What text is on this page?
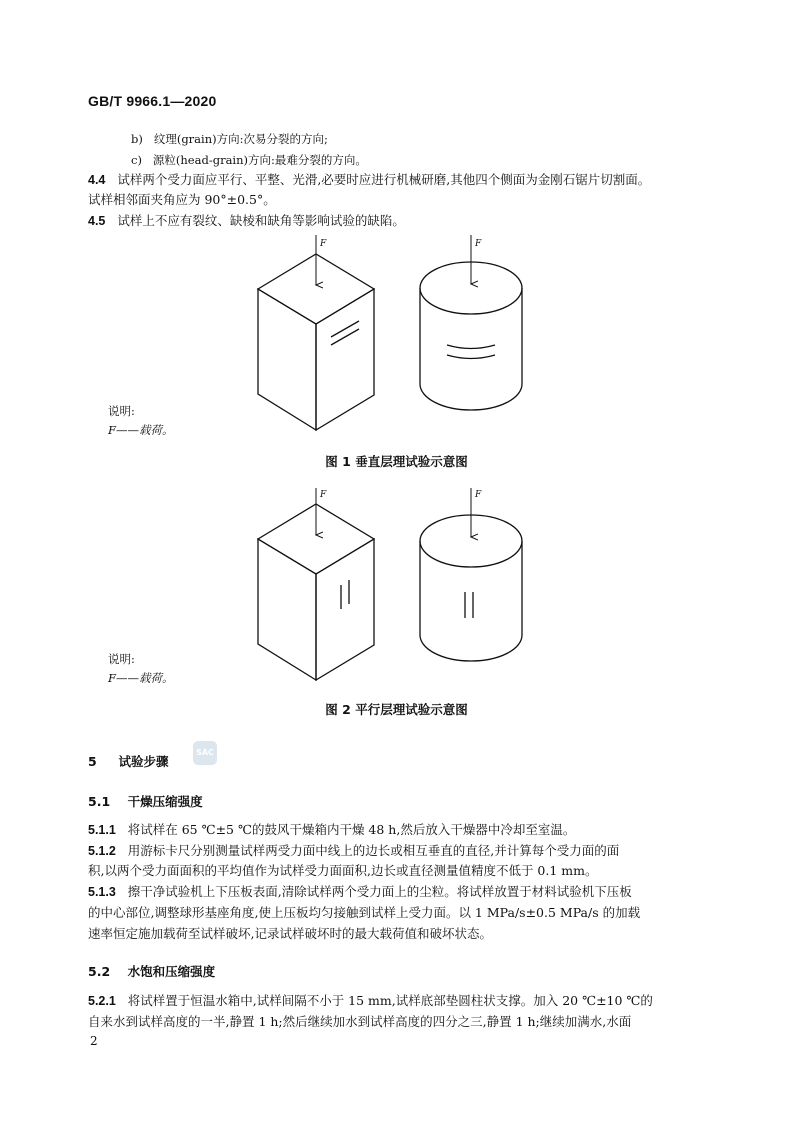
GB/T 9966.1—2020
b) 纹理(grain)方向:次易分裂的方向;
c) 源粒(head-grain)方向:最难分裂的方向。
4.4 试样两个受力面应平行、平整、光滑,必要时应进行机械研磨,其他四个侧面为金刚石锯片切割面。
试样相邻面夹角应为 90°±0.5°。
4.5 试样上不应有裂纹、缺棱和缺角等影响试验的缺陷。
F	F
F	F
说明:
F——载荷。
图 1 垂直层理试验示意图
说明:
F——载荷。
图 2 平行层理试验示意图
5 试验步骤
SAC
5.1 干燥压缩强度
5.1.1 将试样在 65 ℃±5 ℃的鼓风干燥箱内干燥 48 h,然后放入干燥器中冷却至室温。
5.1.2 用游标卡尺分别测量试样两受力面中线上的边长或相互垂直的直径,并计算每个受力面的面
积,以两个受力面面积的平均值作为试样受力面面积,边长或直径测量值精度不低于 0.1 mm。
5.1.3 擦干净试验机上下压板表面,清除试样两个受力面上的尘粒。将试样放置于材料试验机下压板
的中心部位,调整球形基座角度,使上压板均匀接触到试样上受力面。以 1 MPa/s±0.5 MPa/s 的加载
速率恒定施加载荷至试样破坏,记录试样破坏时的最大载荷值和破坏状态。
5.2 水饱和压缩强度
5.2.1 将试样置于恒温水箱中,试样间隔不小于 15 mm,试样底部垫圆柱状支撑。加入 20 ℃±10 ℃的
自来水到试样高度的一半,静置 1 h;然后继续加水到试样高度的四分之三,静置 1 h;继续加满水,水面
2
